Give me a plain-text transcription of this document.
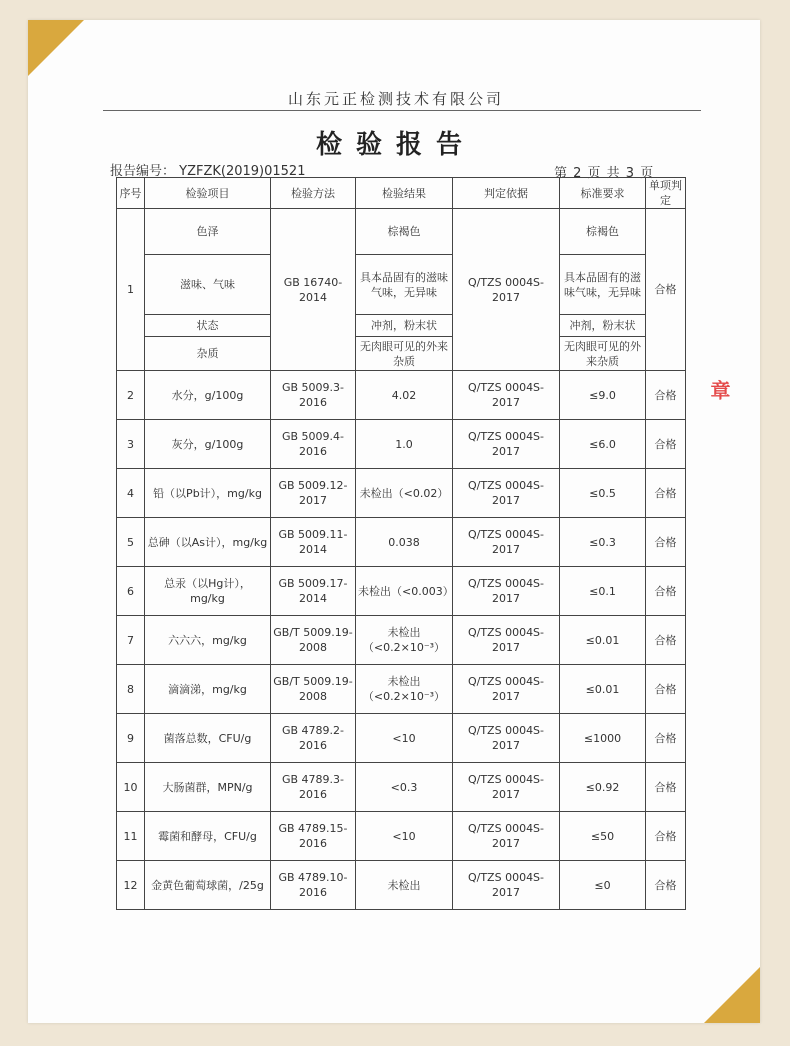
山东元正检测技术有限公司
检验报告
报告编号： YZFZK(2019)01521	第 2 页 共 3 页
序号	检验项目	检验方法	检验结果	判定依据	标准要求	单项判定
1	色泽	GB 16740-2014	棕褐色	Q/TZS 0004S-2017	棕褐色	合格
	滋味、气味		具本品固有的滋味气味，无异味		具本品固有的滋味气味，无异味	
	状态		冲剂，粉末状		冲剂，粉末状	
	杂质		无肉眼可见的外来杂质		无肉眼可见的外来杂质	
2	水分，g/100g	GB 5009.3-2016	4.02	Q/TZS 0004S-2017	≤9.0	合格
3	灰分，g/100g	GB 5009.4-2016	1.0	Q/TZS 0004S-2017	≤6.0	合格
4	铅（以Pb计），mg/kg	GB 5009.12-2017	未检出（<0.02）	Q/TZS 0004S-2017	≤0.5	合格
5	总砷（以As计），mg/kg	GB 5009.11-2014	0.038	Q/TZS 0004S-2017	≤0.3	合格
6	总汞（以Hg计），mg/kg	GB 5009.17-2014	未检出（<0.003）	Q/TZS 0004S-2017	≤0.1	合格
7	六六六，mg/kg	GB/T 5009.19-2008	未检出（<0.2×10⁻³）	Q/TZS 0004S-2017	≤0.01	合格
8	滴滴涕，mg/kg	GB/T 5009.19-2008	未检出（<0.2×10⁻³）	Q/TZS 0004S-2017	≤0.01	合格
9	菌落总数，CFU/g	GB 4789.2-2016	<10	Q/TZS 0004S-2017	≤1000	合格
10	大肠菌群，MPN/g	GB 4789.3-2016	<0.3	Q/TZS 0004S-2017	≤0.92	合格
11	霉菌和酵母，CFU/g	GB 4789.15-2016	<10	Q/TZS 0004S-2017	≤50	合格
12	金黄色葡萄球菌，/25g	GB 4789.10-2016	未检出	Q/TZS 0004S-2017	≤0	合格
章
